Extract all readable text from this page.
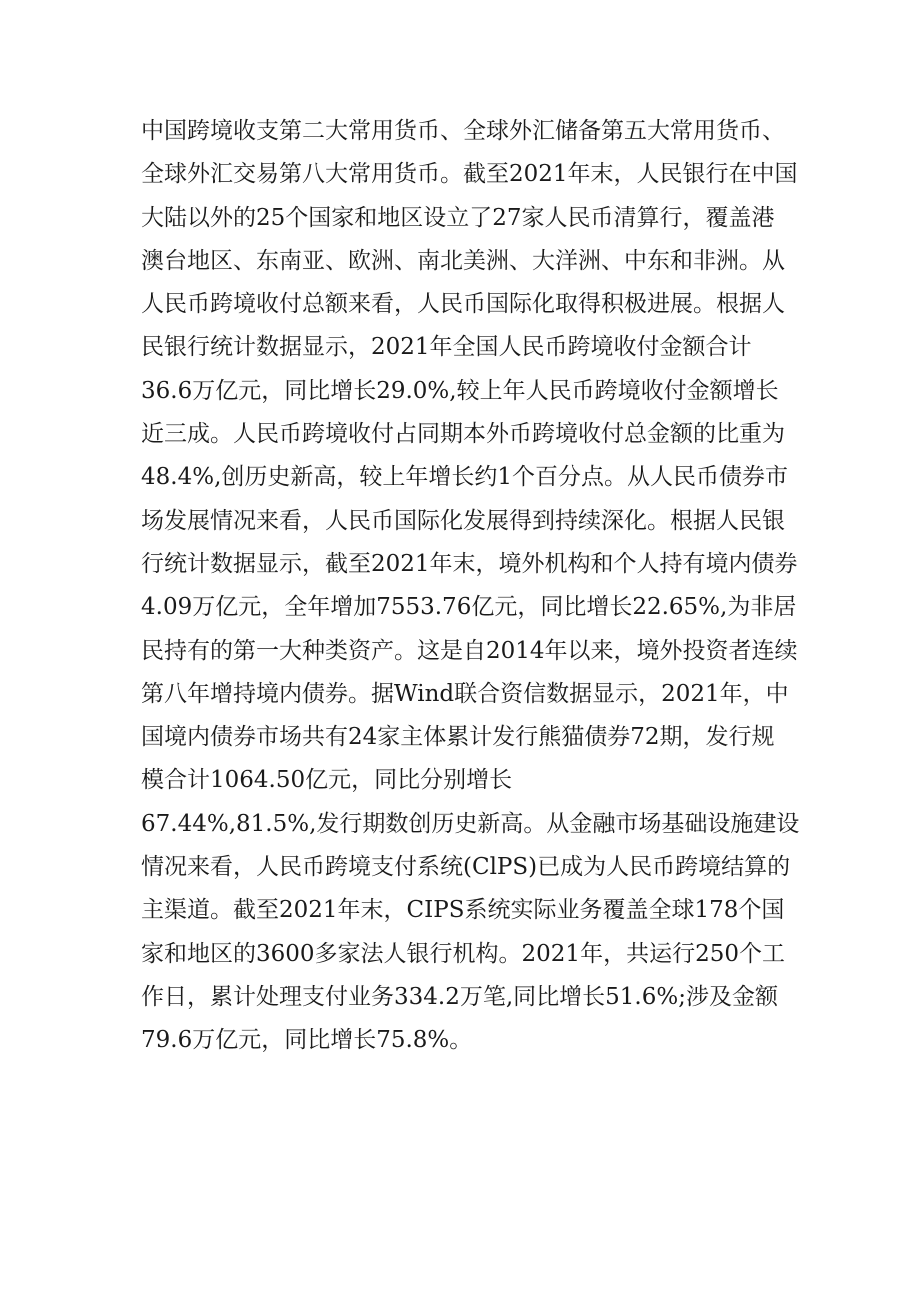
中国跨境收支第二大常用货币、全球外汇储备第五大常用货币、
全球外汇交易第八大常用货币。截至2021年末，人民银行在中国
大陆以外的25个国家和地区设立了27家人民币清算行，覆盖港
澳台地区、东南亚、欧洲、南北美洲、大洋洲、中东和非洲。从
人民币跨境收付总额来看，人民币国际化取得积极进展。根据人
民银行统计数据显示，2021年全国人民币跨境收付金额合计
36.6万亿元，同比增长29.0%,较上年人民币跨境收付金额增长
近三成。人民币跨境收付占同期本外币跨境收付总金额的比重为
48.4%,创历史新高，较上年增长约1个百分点。从人民币债券市
场发展情况来看，人民币国际化发展得到持续深化。根据人民银
行统计数据显示，截至2021年末，境外机构和个人持有境内债券
4.09万亿元，全年增加7553.76亿元，同比增长22.65%,为非居
民持有的第一大种类资产。这是自2014年以来，境外投资者连续
第八年增持境内债券。据Wind联合资信数据显示，2021年，中
国境内债券市场共有24家主体累计发行熊猫债券72期，发行规
模合计1064.50亿元，同比分别增长
67.44%,81.5%,发行期数创历史新高。从金融市场基础设施建设
情况来看，人民币跨境支付系统(ClPS)已成为人民币跨境结算的
主渠道。截至2021年末，CIPS系统实际业务覆盖全球178个国
家和地区的3600多家法人银行机构。2021年，共运行250个工
作日，累计处理支付业务334.2万笔,同比增长51.6%;涉及金额
79.6万亿元，同比增长75.8%。
